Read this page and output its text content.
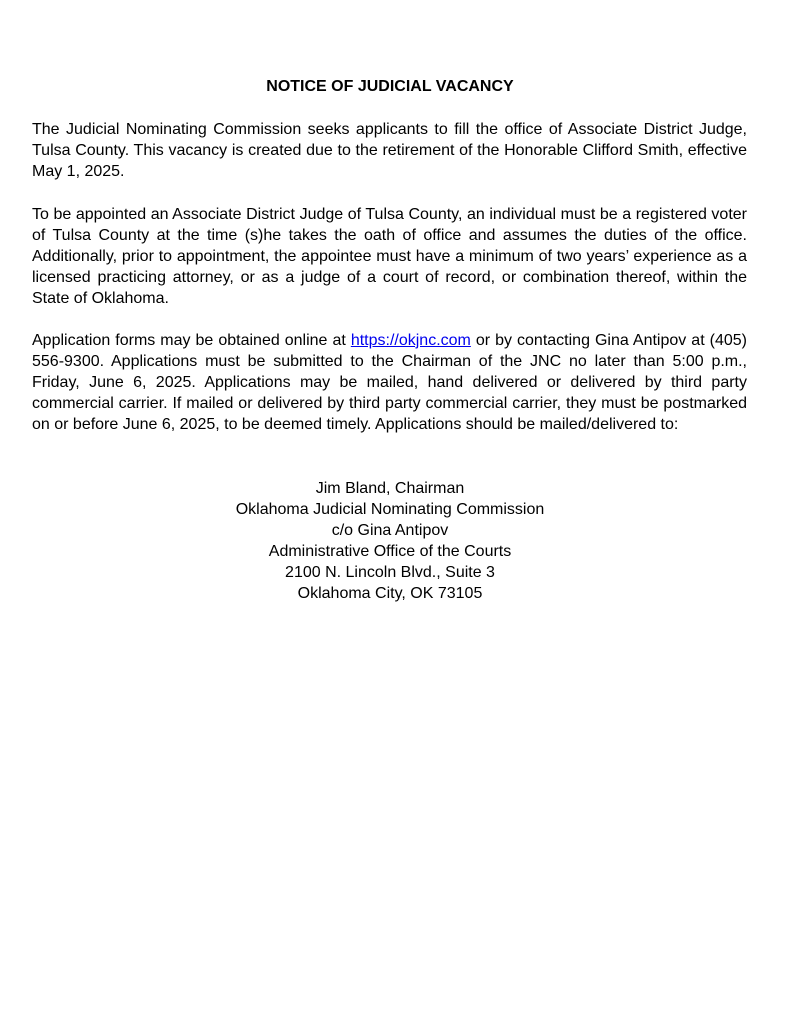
NOTICE OF JUDICIAL VACANCY

The Judicial Nominating Commission seeks applicants to fill the office of Associate District Judge, Tulsa County. This vacancy is created due to the retirement of the Honorable Clifford Smith, effective May 1, 2025.

To be appointed an Associate District Judge of Tulsa County, an individual must be a registered voter of Tulsa County at the time (s)he takes the oath of office and assumes the duties of the office. Additionally, prior to appointment, the appointee must have a minimum of two years’ experience as a licensed practicing attorney, or as a judge of a court of record, or combination thereof, within the State of Oklahoma.

Application forms may be obtained online at https://okjnc.com or by contacting Gina Antipov at (405) 556-9300. Applications must be submitted to the Chairman of the JNC no later than 5:00 p.m., Friday, June 6, 2025. Applications may be mailed, hand delivered or delivered by third party commercial carrier. If mailed or delivered by third party commercial carrier, they must be postmarked on or before June 6, 2025, to be deemed timely. Applications should be mailed/delivered to:

Jim Bland, Chairman
Oklahoma Judicial Nominating Commission
c/o Gina Antipov
Administrative Office of the Courts
2100 N. Lincoln Blvd., Suite 3
Oklahoma City, OK 73105
